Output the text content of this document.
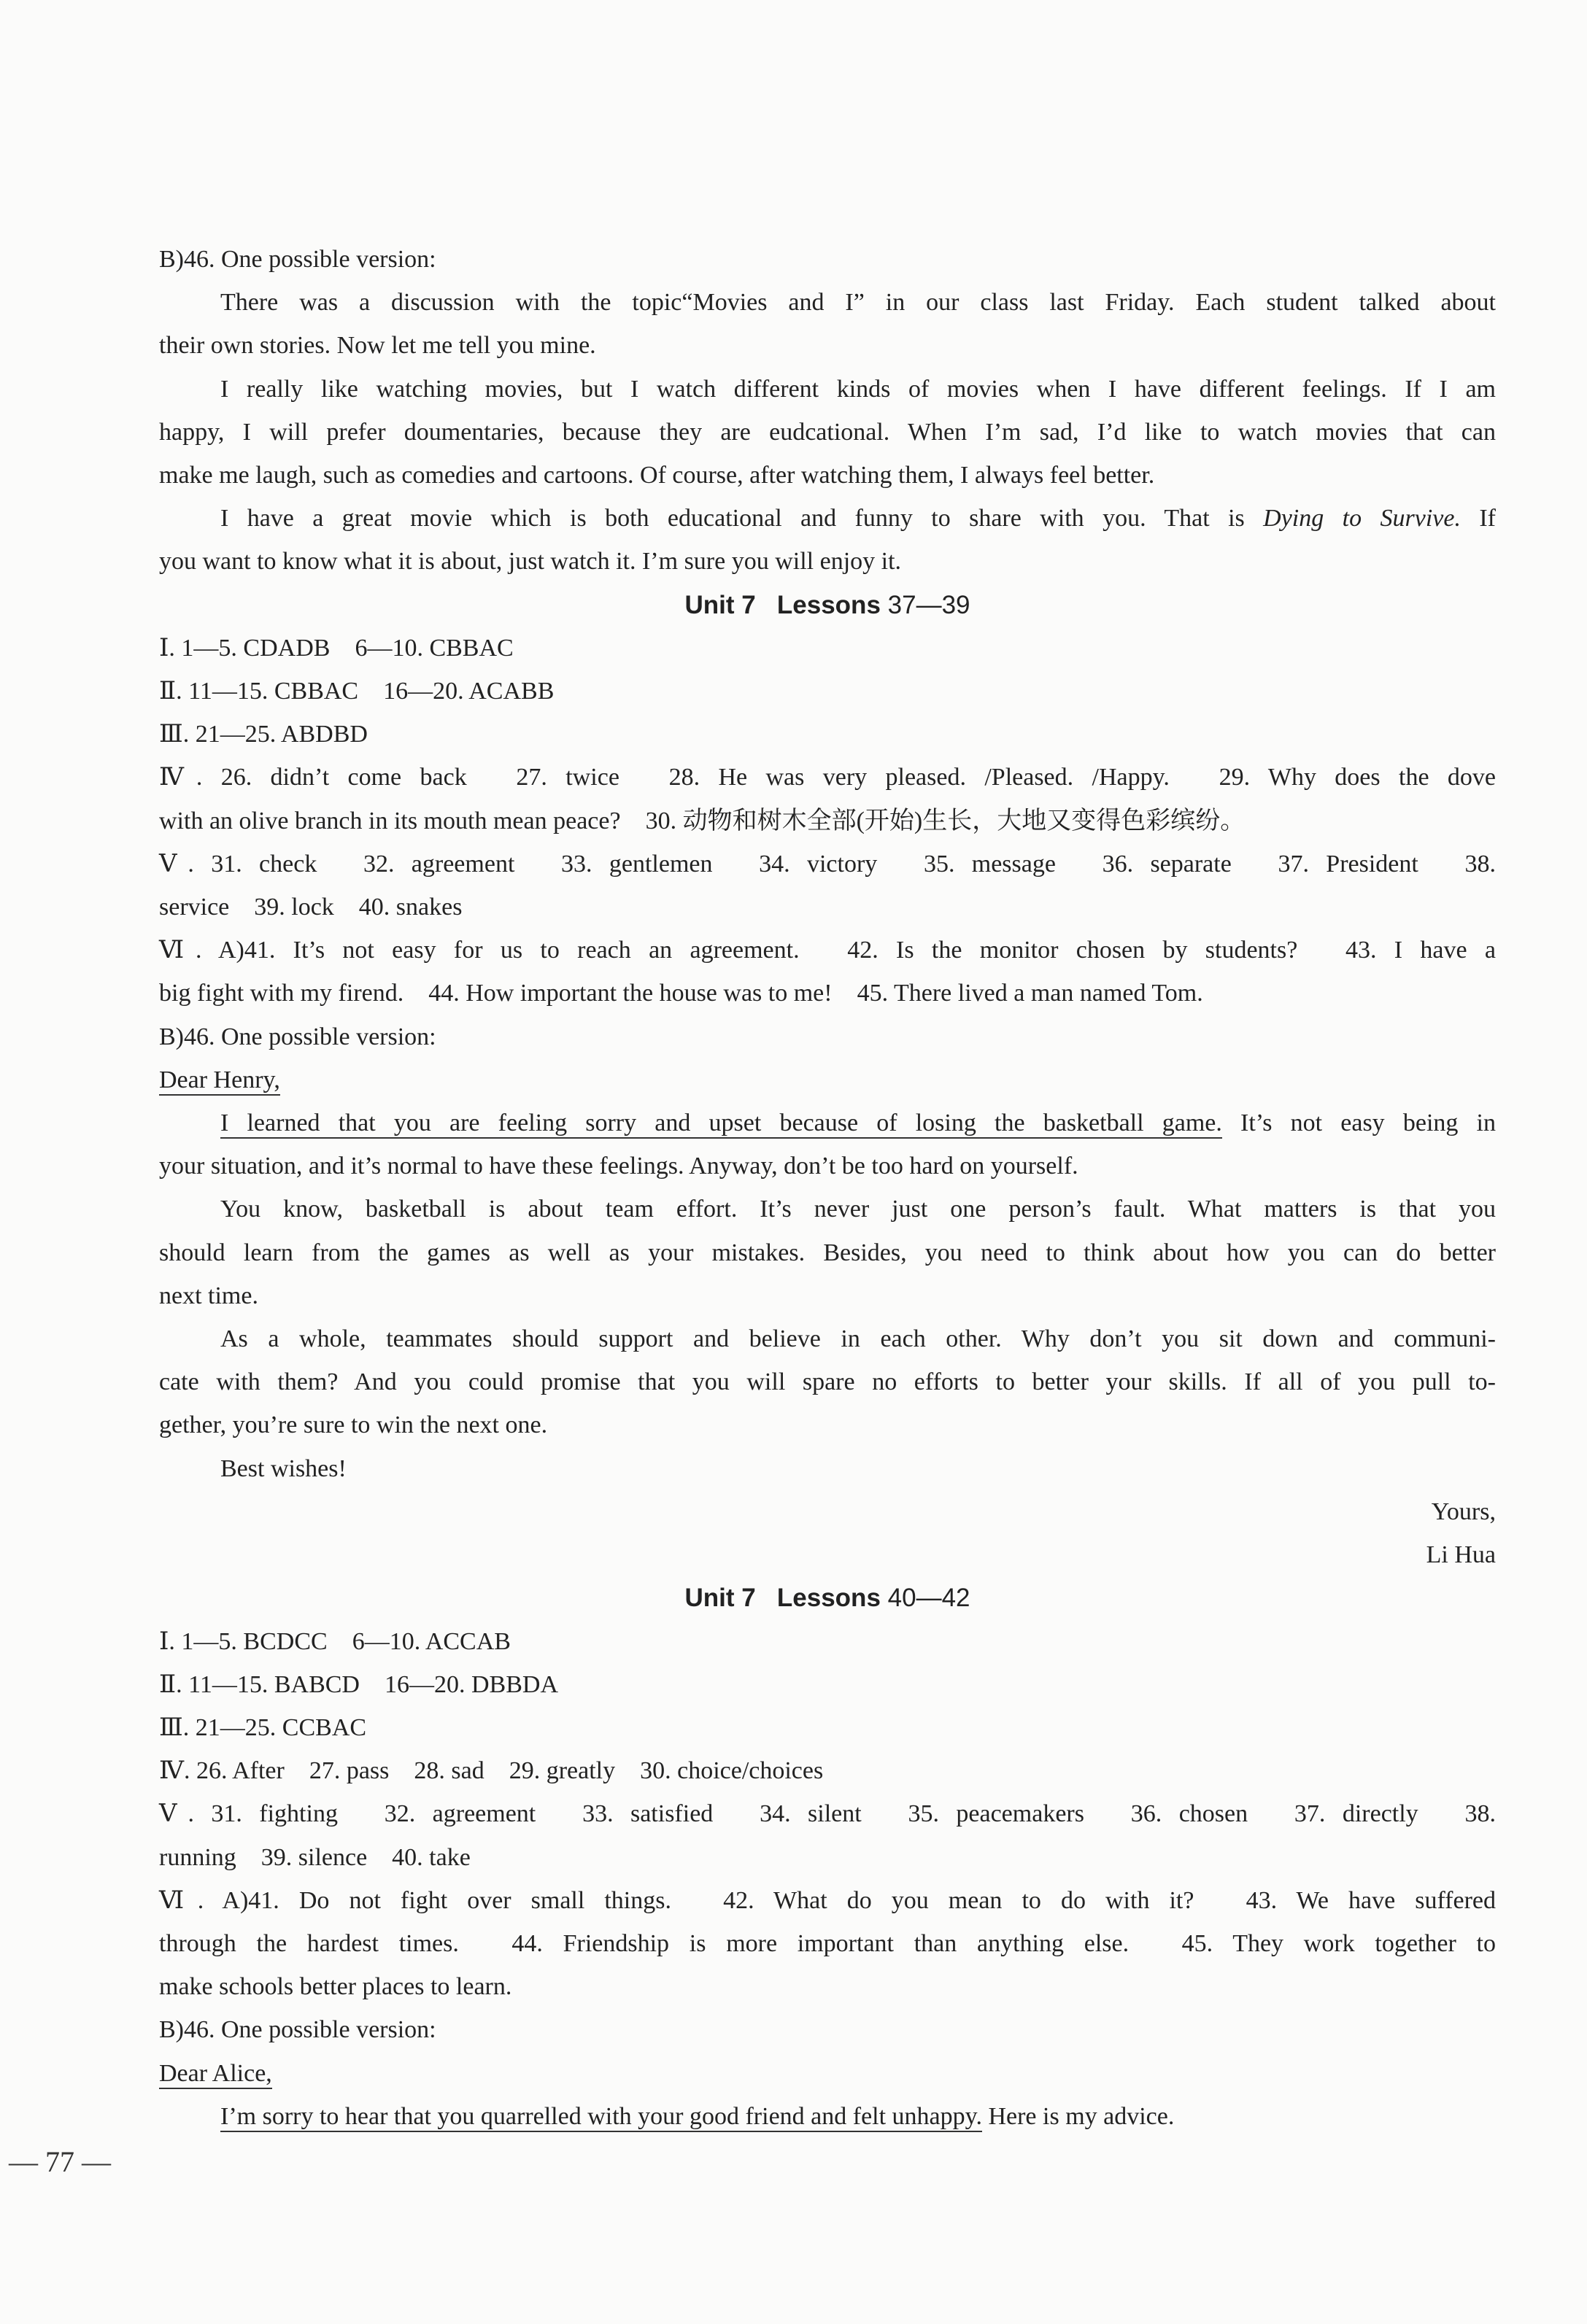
B)46. One possible version:

There was a discussion with the topic“Movies and I” in our class last Friday. Each student talked about

their own stories. Now let me tell you mine.

I really like watching movies, but I watch different kinds of movies when I have different feelings. If I am

happy, I will prefer doumentaries, because they are eudcational. When I’m sad, I’d like to watch movies that can

make me laugh, such as comedies and cartoons. Of course, after watching them, I always feel better.

I have a great movie which is both educational and funny to share with you. That is Dying to Survive. If

you want to know what it is about, just watch it. I’m sure you will enjoy it.

Unit 7 Lessons 37—39

Ⅰ. 1—5. CDADB　6—10. CBBAC

Ⅱ. 11—15. CBBAC　16—20. ACABB

Ⅲ. 21—25. ABDBD

Ⅳ. 26. didn’t come back　27. twice　28. He was very pleased. /Pleased. /Happy.　29. Why does the dove

with an olive branch in its mouth mean peace?　30. 动物和树木全部(开始)生长，大地又变得色彩缤纷。

Ⅴ. 31. check　32. agreement　33. gentlemen　34. victory　35. message　36. separate　37. President　38.

service　39. lock　40. snakes

Ⅵ. A)41. It’s not easy for us to reach an agreement.　42. Is the monitor chosen by students?　43. I have a

big fight with my firend.　44. How important the house was to me!　45. There lived a man named Tom.

B)46. One possible version:

Dear Henry,

I learned that you are feeling sorry and upset because of losing the basketball game. It’s not easy being in

your situation, and it’s normal to have these feelings. Anyway, don’t be too hard on yourself.

You know, basketball is about team effort. It’s never just one person’s fault. What matters is that you

should learn from the games as well as your mistakes. Besides, you need to think about how you can do better

next time.

As a whole, teammates should support and believe in each other. Why don’t you sit down and communi-

cate with them? And you could promise that you will spare no efforts to better your skills. If all of you pull to-

gether, you’re sure to win the next one.

Best wishes!

Yours,

Li Hua

Unit 7 Lessons 40—42

Ⅰ. 1—5. BCDCC　6—10. ACCAB

Ⅱ. 11—15. BABCD　16—20. DBBDA

Ⅲ. 21—25. CCBAC

Ⅳ. 26. After　27. pass　28. sad　29. greatly　30. choice/choices

Ⅴ. 31. fighting　32. agreement　33. satisfied　34. silent　35. peacemakers　36. chosen　37. directly　38.

running　39. silence　40. take

Ⅵ. A)41. Do not fight over small things.　42. What do you mean to do with it?　43. We have suffered

through the hardest times.　44. Friendship is more important than anything else.　45. They work together to

make schools better places to learn.

B)46. One possible version:

Dear Alice,

I’m sorry to hear that you quarrelled with your good friend and felt unhappy. Here is my advice.

— 77 —
